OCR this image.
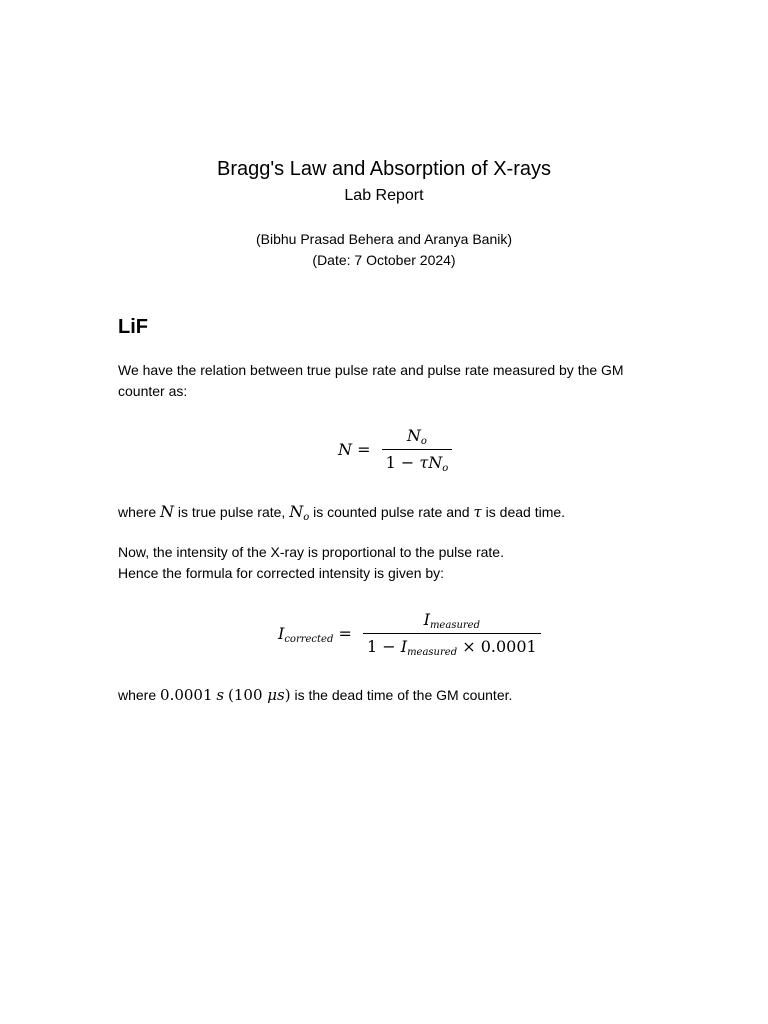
Bragg's Law and Absorption of X-rays
Lab Report
(Bibhu Prasad Behera and Aranya Banik)
(Date: 7 October 2024)
LiF
We have the relation between true pulse rate and pulse rate measured by the GM counter as:
$N = \frac{N_o}{1 - \tau N_o}$
where N is true pulse rate, $N_o$ is counted pulse rate and τ is dead time.
Now, the intensity of the X-ray is proportional to the pulse rate.
Hence the formula for corrected intensity is given by:
$I_{corrected} = \frac{I_{measured}}{1 - I_{measured} \times 0.0001}$
where 0.0001 s (100 μs) is the dead time of the GM counter.
